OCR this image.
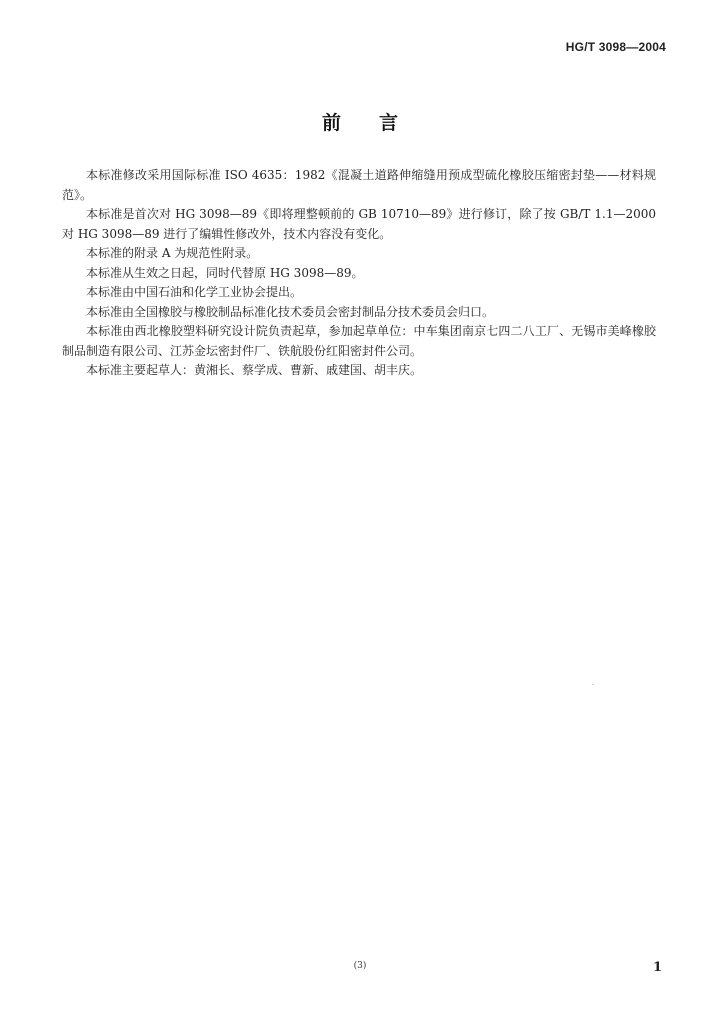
HG/T 3098—2004
前言

本标准修改采用国际标准 ISO 4635：1982《混凝土道路伸缩缝用预成型硫化橡胶压缩密封垫——材料规范》。

本标准是首次对 HG 3098—89《即将理整顿前的 GB 10710—89》进行修订，除了按 GB/T 1.1—2000 对 HG 3098—89 进行了编辑性修改外，技术内容没有变化。

本标准的附录 A 为规范性附录。

本标准从生效之日起，同时代替原 HG 3098—89。

本标准由中国石油和化学工业协会提出。

本标准由全国橡胶与橡胶制品标准化技术委员会密封制品分技术委员会归口。

本标准由西北橡胶塑料研究设计院负责起草，参加起草单位：中车集团南京七四二八工厂、无锡市美峰橡胶制品制造有限公司、江苏金坛密封件厂、铁航股份红阳密封件公司。

本标准主要起草人：黄湘长、蔡学成、曹新、戚建国、胡丰庆。

(3)	1
